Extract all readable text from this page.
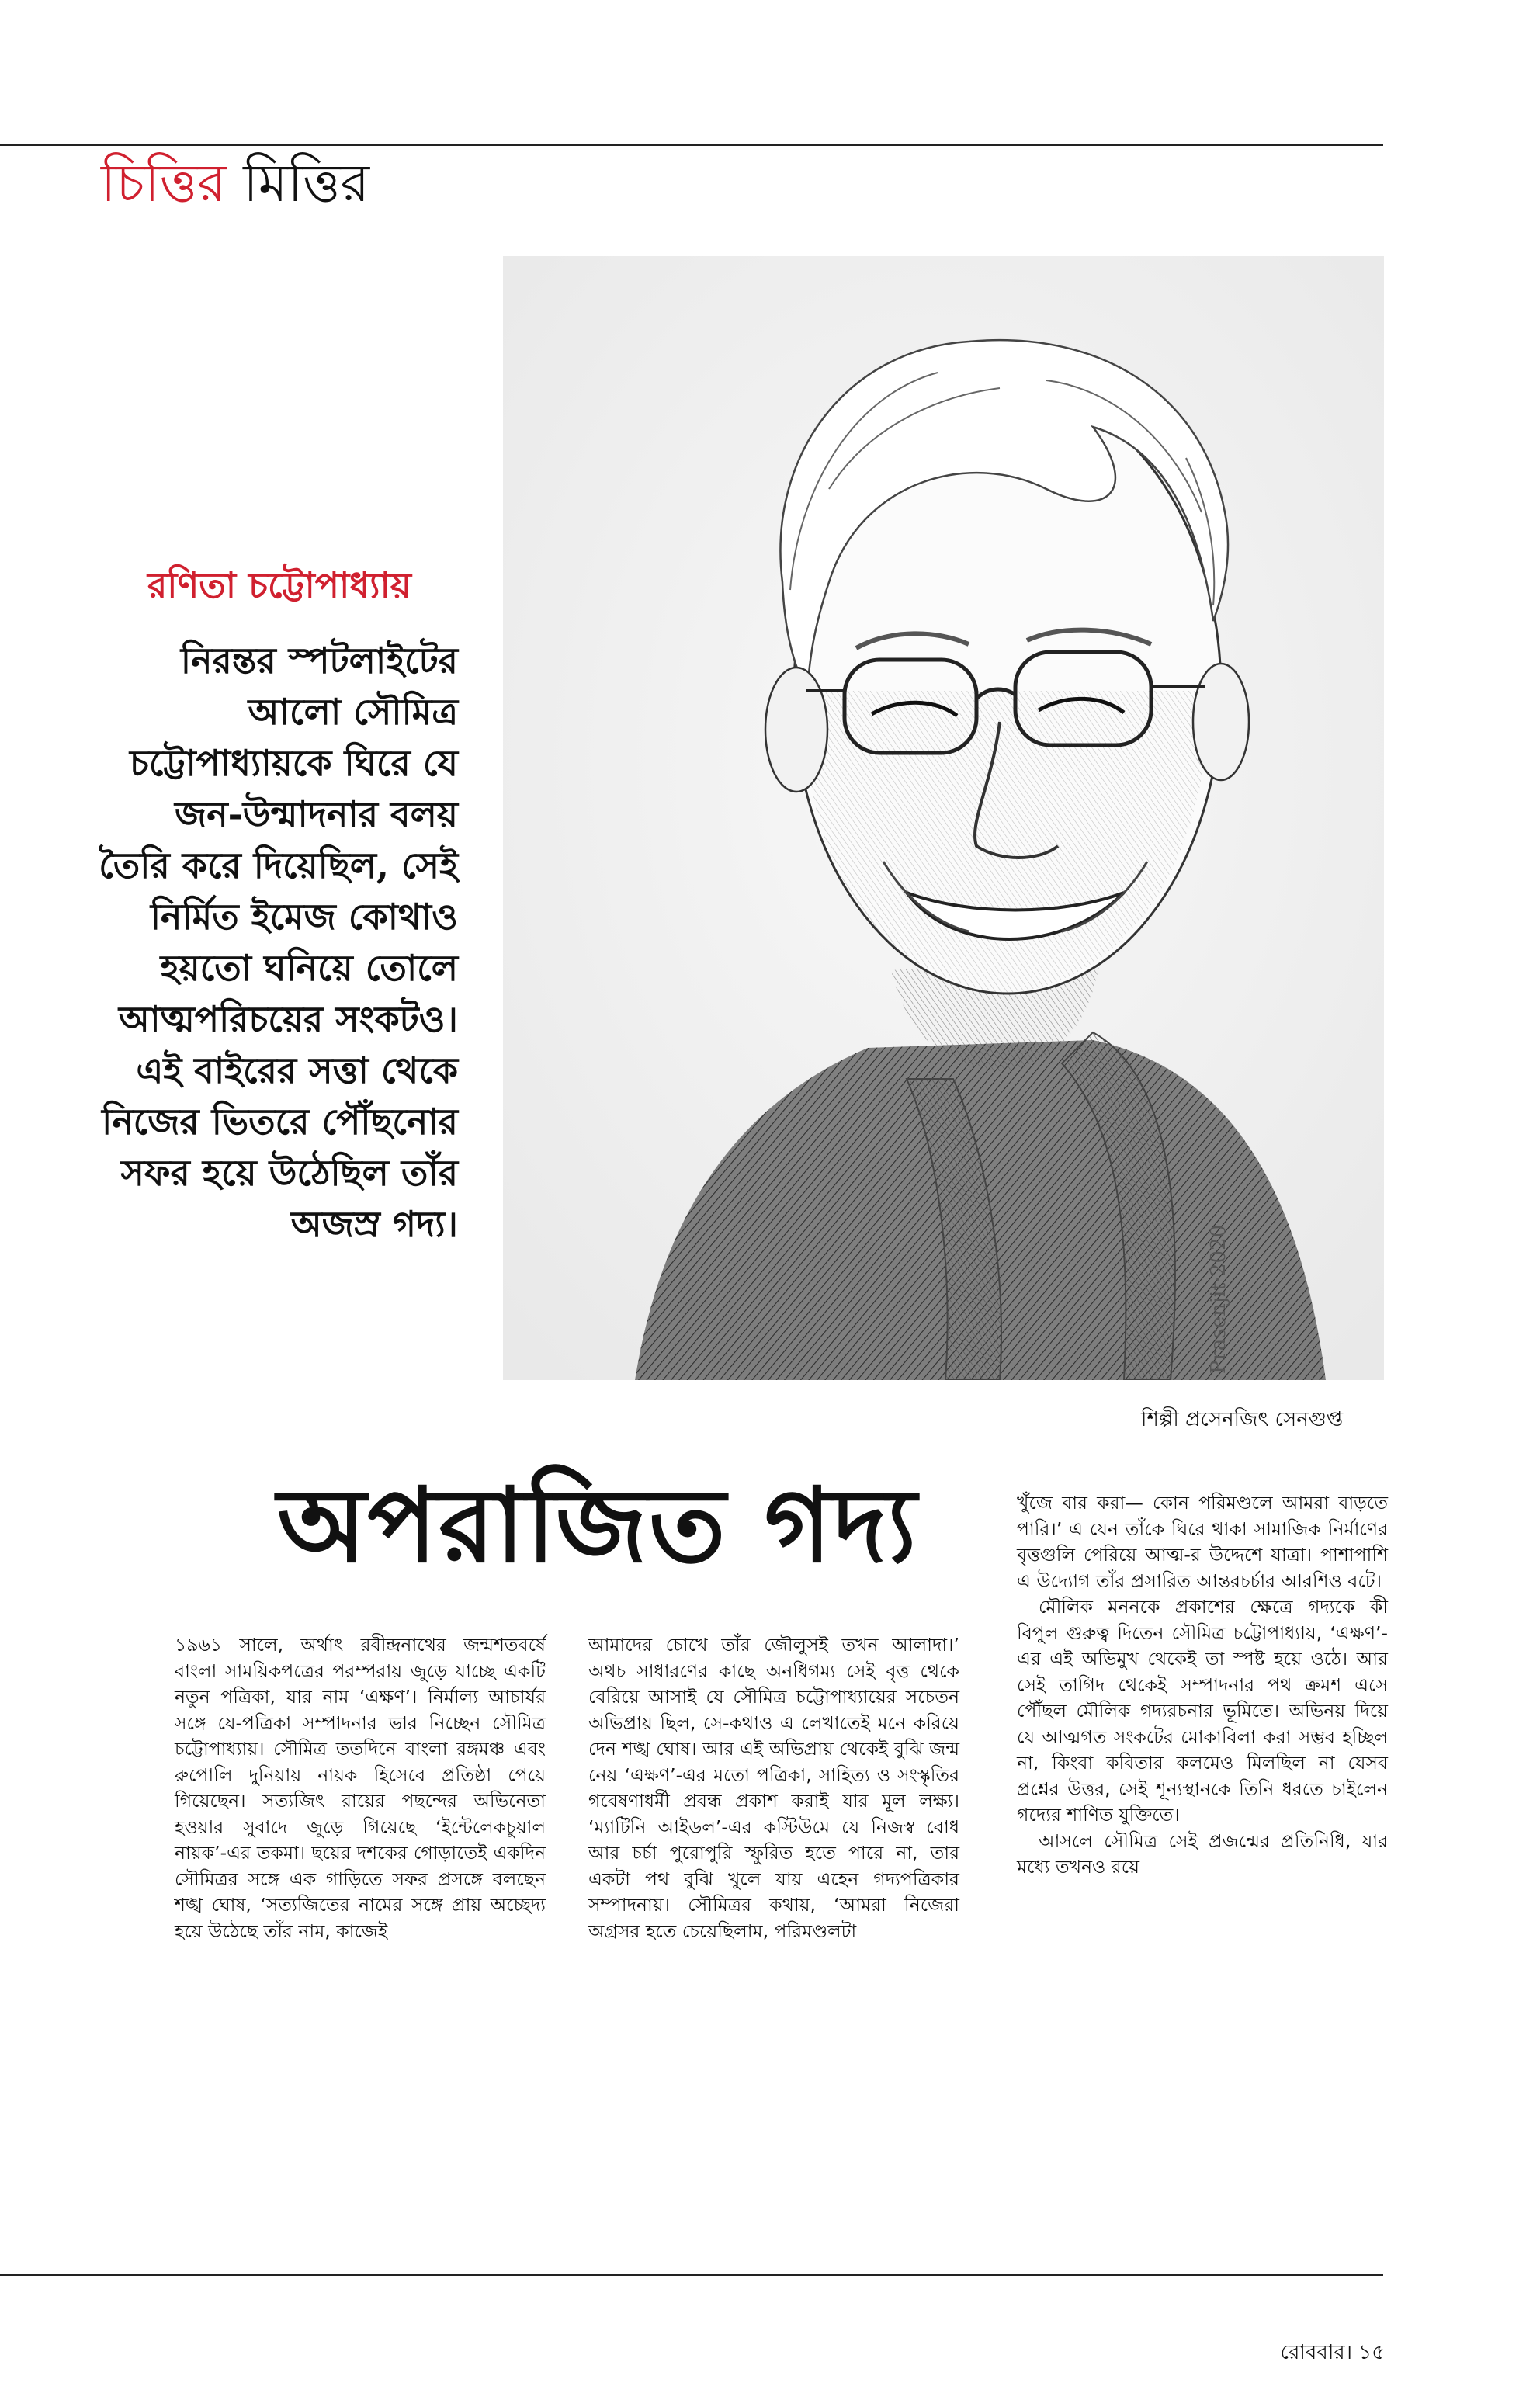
চিত্তির মিত্তির
রণিতা চট্টোপাধ্যায়
নিরন্তর স্পটলাইটের আলো সৌমিত্র চট্টোপাধ্যায়কে ঘিরে যে জন-উন্মাদনার বলয় তৈরি করে দিয়েছিল, সেই নির্মিত ইমেজ কোথাও হয়তো ঘনিয়ে তোলে আত্মপরিচয়ের সংকটও। এই বাইরের সত্তা থেকে নিজের ভিতরে পৌঁছনোর সফর হয়ে উঠেছিল তাঁর অজস্র গদ্য।
Prasenjit·2020
শিল্পী প্রসেনজিৎ সেনগুপ্ত
অপরাজিত গদ্য

১৯৬১ সালে, অর্থাৎ রবীন্দ্রনাথের জন্মশতবর্ষে বাংলা সাময়িকপত্রের পরম্পরায় জুড়ে যাচ্ছে একটি নতুন পত্রিকা, যার নাম ‘এক্ষণ’। নির্মাল্য আচার্যর সঙ্গে যে-পত্রিকা সম্পাদনার ভার নিচ্ছেন সৌমিত্র চট্টোপাধ্যায়। সৌমিত্র ততদিনে বাংলা রঙ্গমঞ্চ এবং রুপোলি দুনিয়ায় নায়ক হিসেবে প্রতিষ্ঠা পেয়ে গিয়েছেন। সত্যজিৎ রায়ের পছন্দের অভিনেতা হওয়ার সুবাদে জুড়ে গিয়েছে ‘ইন্টেলেকচুয়াল নায়ক’-এর তকমা। ছয়ের দশকের গোড়াতেই একদিন সৌমিত্রর সঙ্গে এক গাড়িতে সফর প্রসঙ্গে বলছেন শঙ্খ ঘোষ, ‘সত্যজিতের নামের সঙ্গে প্রায় অচ্ছেদ্য হয়ে উঠেছে তাঁর নাম, কাজেই

আমাদের চোখে তাঁর জৌলুসই তখন আলাদা।’ অথচ সাধারণের কাছে অনধিগম্য সেই বৃত্ত থেকে বেরিয়ে আসাই যে সৌমিত্র চট্টোপাধ্যায়ের সচেতন অভিপ্রায় ছিল, সে-কথাও এ লেখাতেই মনে করিয়ে দেন শঙ্খ ঘোষ। আর এই অভিপ্রায় থেকেই বুঝি জন্ম নেয় ‘এক্ষণ’-এর মতো পত্রিকা, সাহিত্য ও সংস্কৃতির গবেষণাধর্মী প্রবন্ধ প্রকাশ করাই যার মূল লক্ষ্য। ‘ম্যাটিনি আইডল’-এর কস্টিউমে যে নিজস্ব বোধ আর চর্চা পুরোপুরি স্ফুরিত হতে পারে না, তার একটা পথ বুঝি খুলে যায় এহেন গদ্যপত্রিকার সম্পাদনায়। সৌমিত্রর কথায়, ‘আমরা নিজেরা অগ্রসর হতে চেয়েছিলাম, পরিমণ্ডলটা

খুঁজে বার করা— কোন পরিমণ্ডলে আমরা বাড়তে পারি।’ এ যেন তাঁকে ঘিরে থাকা সামাজিক নির্মাণের বৃত্তগুলি পেরিয়ে আত্ম-র উদ্দেশে যাত্রা। পাশাপাশি এ উদ্যোগ তাঁর প্রসারিত আন্তরচর্চার আরশিও বটে।

মৌলিক মননকে প্রকাশের ক্ষেত্রে গদ্যকে কী বিপুল গুরুত্ব দিতেন সৌমিত্র চট্টোপাধ্যায়, ‘এক্ষণ’-এর এই অভিমুখ থেকেই তা স্পষ্ট হয়ে ওঠে। আর সেই তাগিদ থেকেই সম্পাদনার পথ ক্রমশ এসে পৌঁছল মৌলিক গদ্যরচনার ভূমিতে। অভিনয় দিয়ে যে আত্মগত সংকটের মোকাবিলা করা সম্ভব হচ্ছিল না, কিংবা কবিতার কলমেও মিলছিল না যেসব প্রশ্নের উত্তর, সেই শূন্যস্থানকে তিনি ধরতে চাইলেন গদ্যের শাণিত যুক্তিতে।

আসলে সৌমিত্র সেই প্রজন্মের প্রতিনিধি, যার মধ্যে তখনও রয়ে

রোববার। ১৫
